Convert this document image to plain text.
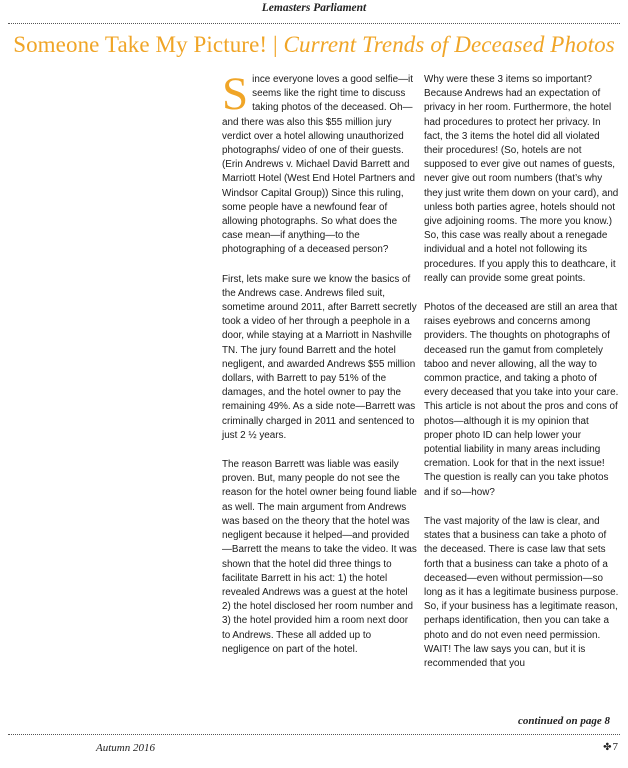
Lemasters Parliament
Someone Take My Picture! | Current Trends of Deceased Photos

Since everyone loves a good selfie—it seems like the right time to discuss taking photos of the deceased. Oh—and there was also this $55 million jury verdict over a hotel allowing unauthorized photographs/ video of one of their guests. (Erin Andrews v. Michael David Barrett and Marriott Hotel (West End Hotel Partners and Windsor Capital Group)) Since this ruling, some people have a newfound fear of allowing photographs. So what does the case mean—if anything—to the photographing of a deceased person?

First, lets make sure we know the basics of the Andrews case. Andrews filed suit, sometime around 2011, after Barrett secretly took a video of her through a peephole in a door, while staying at a Marriott in Nashville TN. The jury found Barrett and the hotel negligent, and awarded Andrews $55 million dollars, with Barrett to pay 51% of the damages, and the hotel owner to pay the remaining 49%. As a side note—Barrett was criminally charged in 2011 and sentenced to just 2 ½ years.

The reason Barrett was liable was easily proven. But, many people do not see the reason for the hotel owner being found liable as well. The main argument from Andrews was based on the theory that the hotel was negligent because it helped—and provided—Barrett the means to take the video. It was shown that the hotel did three things to facilitate Barrett in his act: 1) the hotel revealed Andrews was a guest at the hotel 2) the hotel disclosed her room number and 3) the hotel provided him a room next door to Andrews. These all added up to negligence on part of the hotel.

Why were these 3 items so important? Because Andrews had an expectation of privacy in her room. Furthermore, the hotel had procedures to protect her privacy. In fact, the 3 items the hotel did all violated their procedures! (So, hotels are not supposed to ever give out names of guests, never give out room numbers (that’s why they just write them down on your card), and unless both parties agree, hotels should not give adjoining rooms. The more you know.) So, this case was really about a renegade individual and a hotel not following its procedures. If you apply this to deathcare, it really can provide some great points.

Photos of the deceased are still an area that raises eyebrows and concerns among providers. The thoughts on photographs of deceased run the gamut from completely taboo and never allowing, all the way to common practice, and taking a photo of every deceased that you take into your care. This article is not about the pros and cons of photos—although it is my opinion that proper photo ID can help lower your potential liability in many areas including cremation. Look for that in the next issue! The question is really can you take photos and if so—how?

The vast majority of the law is clear, and states that a business can take a photo of the deceased. There is case law that sets forth that a business can take a photo of a deceased—even without permission—so long as it has a legitimate business purpose. So, if your business has a legitimate reason, perhaps identification, then you can take a photo and do not even need permission. WAIT! The law says you can, but it is recommended that you

continued on page 8
Autumn 2016	✤ 7
